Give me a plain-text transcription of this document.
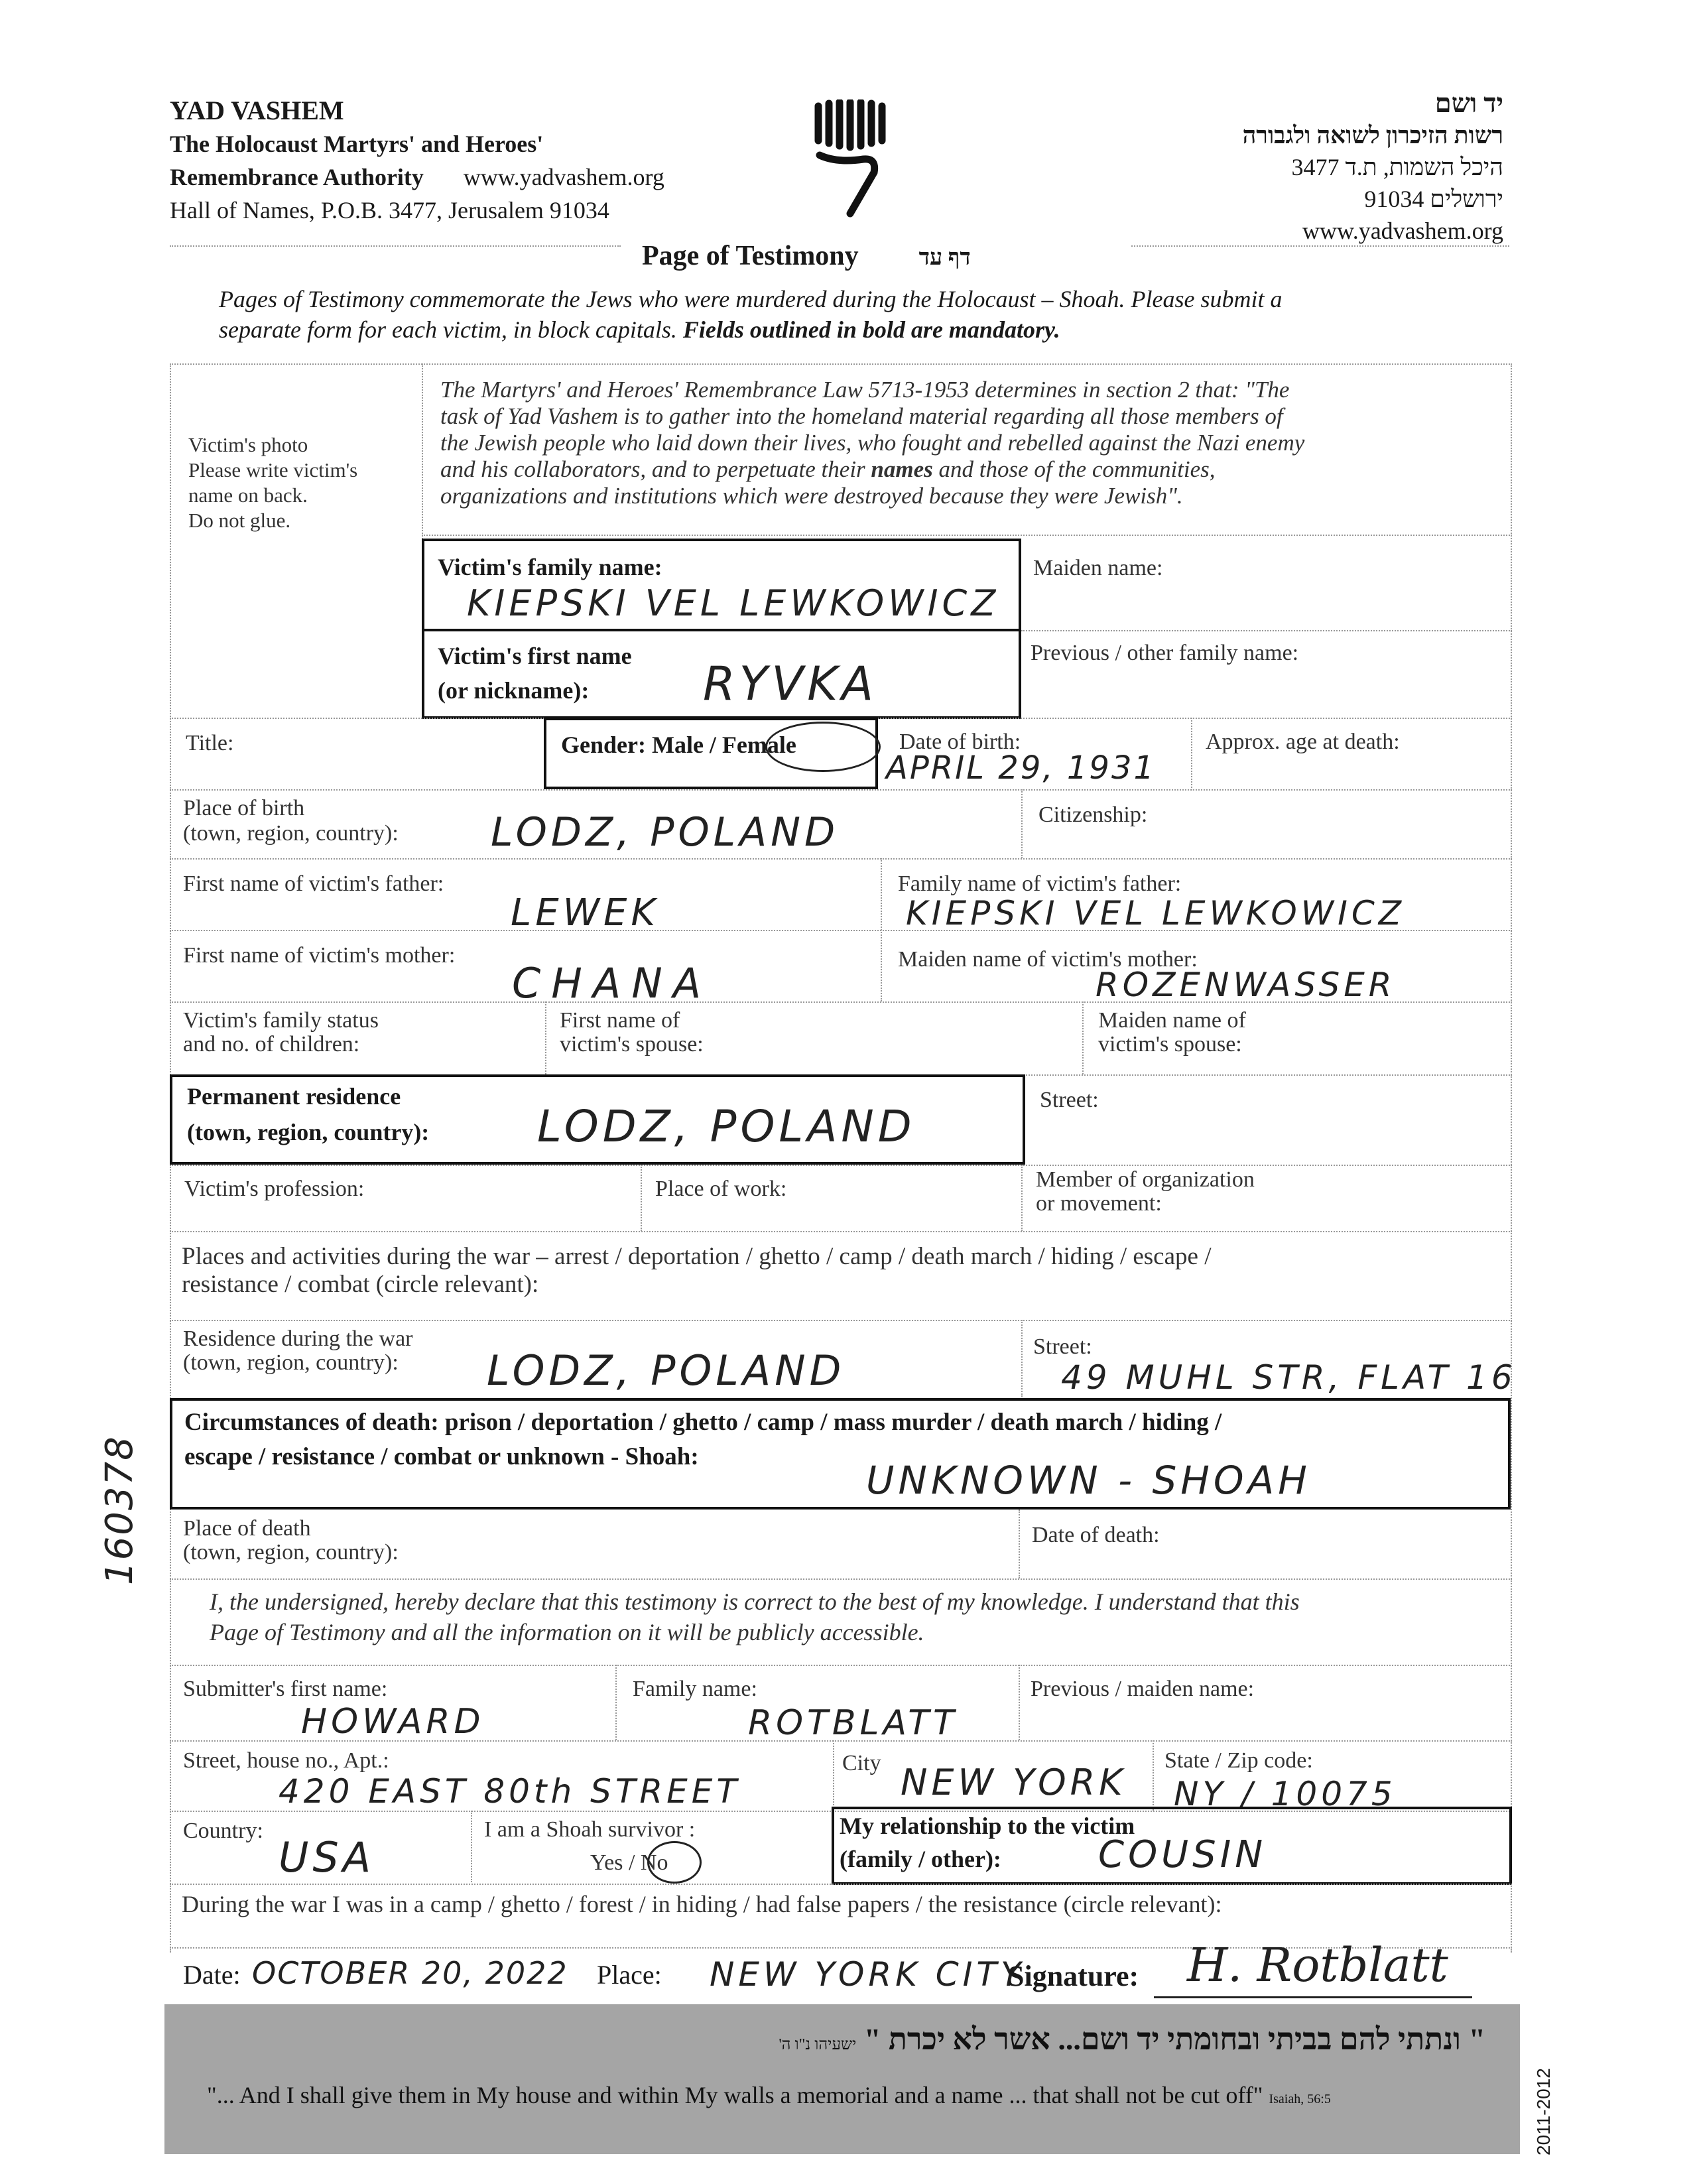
YAD VASHEM
The Holocaust Martyrs' and Heroes'
Remembrance Authority www.yadvashem.org
Hall of Names, P.O.B. 3477, Jerusalem 91034
יד ושם
רשות הזיכרון לשואה ולגבורה
היכל השמות, ת.ד 3477
ירושלים 91034
www.yadvashem.org
Page of Testimony	דף עד
Pages of Testimony commemorate the Jews who were murdered during the Holocaust – Shoah. Please submit a
separate form for each victim, in block capitals. Fields outlined in bold are mandatory.
Victim's photo
Please write victim's
name on back.
Do not glue.
The Martyrs' and Heroes' Remembrance Law 5713-1953 determines in section 2 that: "The
task of Yad Vashem is to gather into the homeland material regarding all those members of
the Jewish people who laid down their lives, who fought and rebelled against the Nazi enemy
and his collaborators, and to perpetuate their names and those of the communities,
organizations and institutions which were destroyed because they were Jewish".
Victim's family name:
KIEPSKI VEL LEWKOWICZ
Maiden name:
Victim's first name
(or nickname): RYVKA
Previous / other family name:
Title:	Gender: Male / Female	Date of birth:
APRIL 29, 1931
Approx. age at death:
Place of birth
(town, region, country): LODZ, POLAND	Citizenship:
First name of victim's father:
LEWEK
Family name of victim's father:
KIEPSKI VEL LEWKOWICZ
First name of victim's mother:
CHANA	Maiden name of victim's mother:
ROZENWASSER
Victim's family status
and no. of children:
First name of
victim's spouse:
Maiden name of
victim's spouse:
Permanent residence
(town, region, country): LODZ, POLAND
Street:
Victim's profession:	Place of work:	Member of organization
or movement:
Places and activities during the war – arrest / deportation / ghetto / camp / death march / hiding / escape /
resistance / combat (circle relevant):
Residence during the war
(town, region, country): LODZ, POLAND	Street:
49 MUHL STR, FLAT 16
Circumstances of death: prison / deportation / ghetto / camp / mass murder / death march / hiding /
escape / resistance / combat or unknown - Shoah:
UNKNOWN - SHOAH
160378 Place of death
(town, region, country):
Date of death:
I, the undersigned, hereby declare that this testimony is correct to the best of my knowledge. I understand that this
Page of Testimony and all the information on it will be publicly accessible.
Submitter's first name:
HOWARD
Family name:
ROTBLATT
Previous / maiden name:
Street, house no., Apt.:
420 EAST 80th STREET
City NEW YORK
State / Zip code:
NY / 10075
Country:
USA
I am a Shoah survivor :
Yes / No
My relationship to the victim
(family / other):	COUSIN
During the war I was in a camp / ghetto / forest / in hiding / had false papers / the resistance (circle relevant):
Date: OCTOBER 20, 2022 Place: NEW YORK CITY
Signature: H. Rotblatt
" ונתתי להם בביתי ובחומתי יד ושם... אשר לא יכרת " ישעיהו נ"ו ה'
"... And I shall give them in My house and within My walls a memorial and a name ... that shall not be cut off" Isaiah, 56:5	2011-2012
